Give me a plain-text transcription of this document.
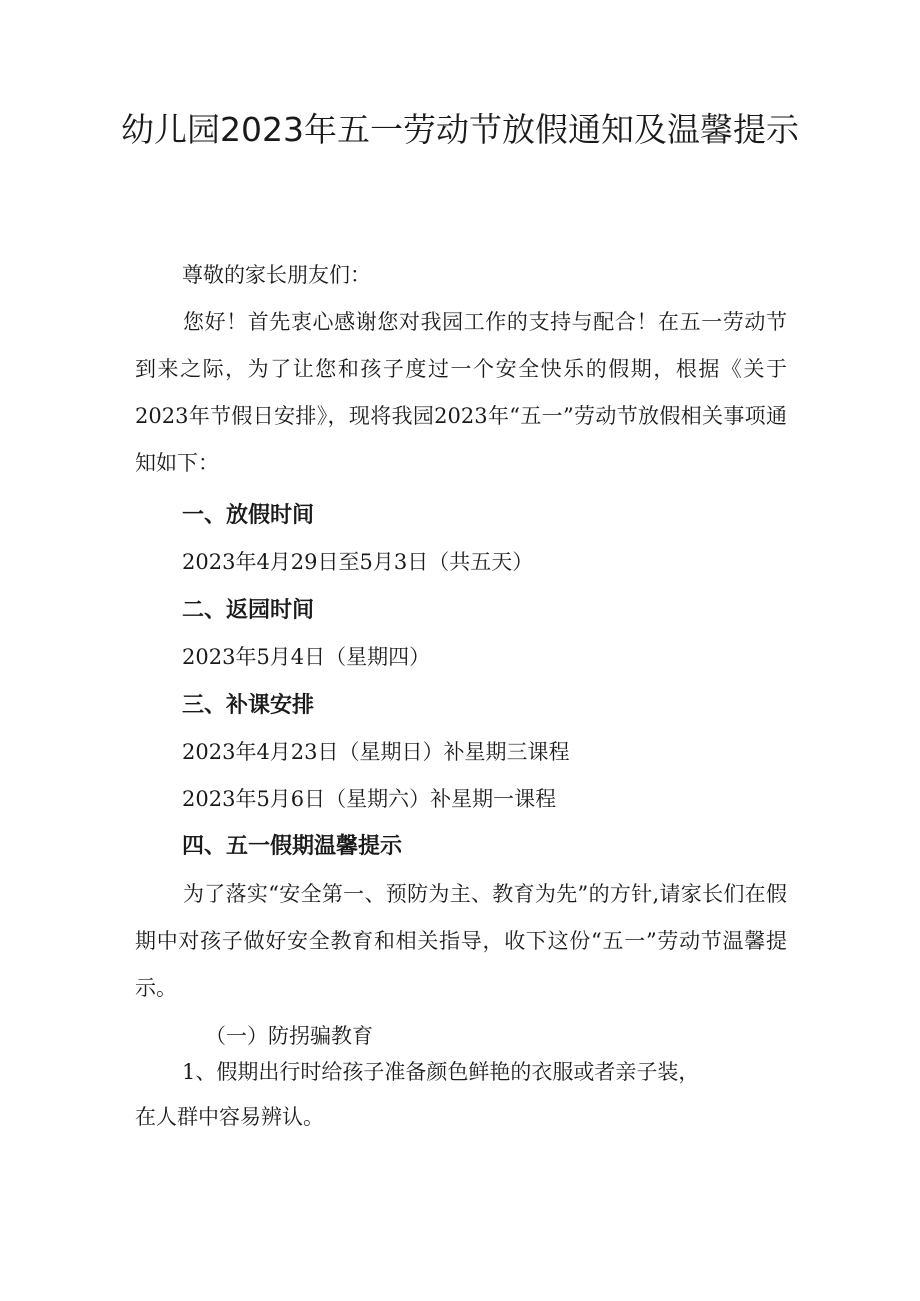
幼儿园2023年五一劳动节放假通知及温馨提示

尊敬的家长朋友们：

您好！首先衷心感谢您对我园工作的支持与配合！在五一劳动节到来之际，为了让您和孩子度过一个安全快乐的假期，根据《关于2023年节假日安排》，现将我园2023年“五一”劳动节放假相关事项通知如下：

一、放假时间

2023年4月29日至5月3日（共五天）

二、返园时间

2023年5月4日（星期四）

三、补课安排

2023年4月23日（星期日）补星期三课程

2023年5月6日（星期六）补星期一课程

四、五一假期温馨提示

为了落实“安全第一、预防为主、教育为先”的方针,请家长们在假期中对孩子做好安全教育和相关指导，收下这份“五一”劳动节温馨提示。

（一）防拐骗教育

1、假期出行时给孩子准备颜色鲜艳的衣服或者亲子装，

在人群中容易辨认。
